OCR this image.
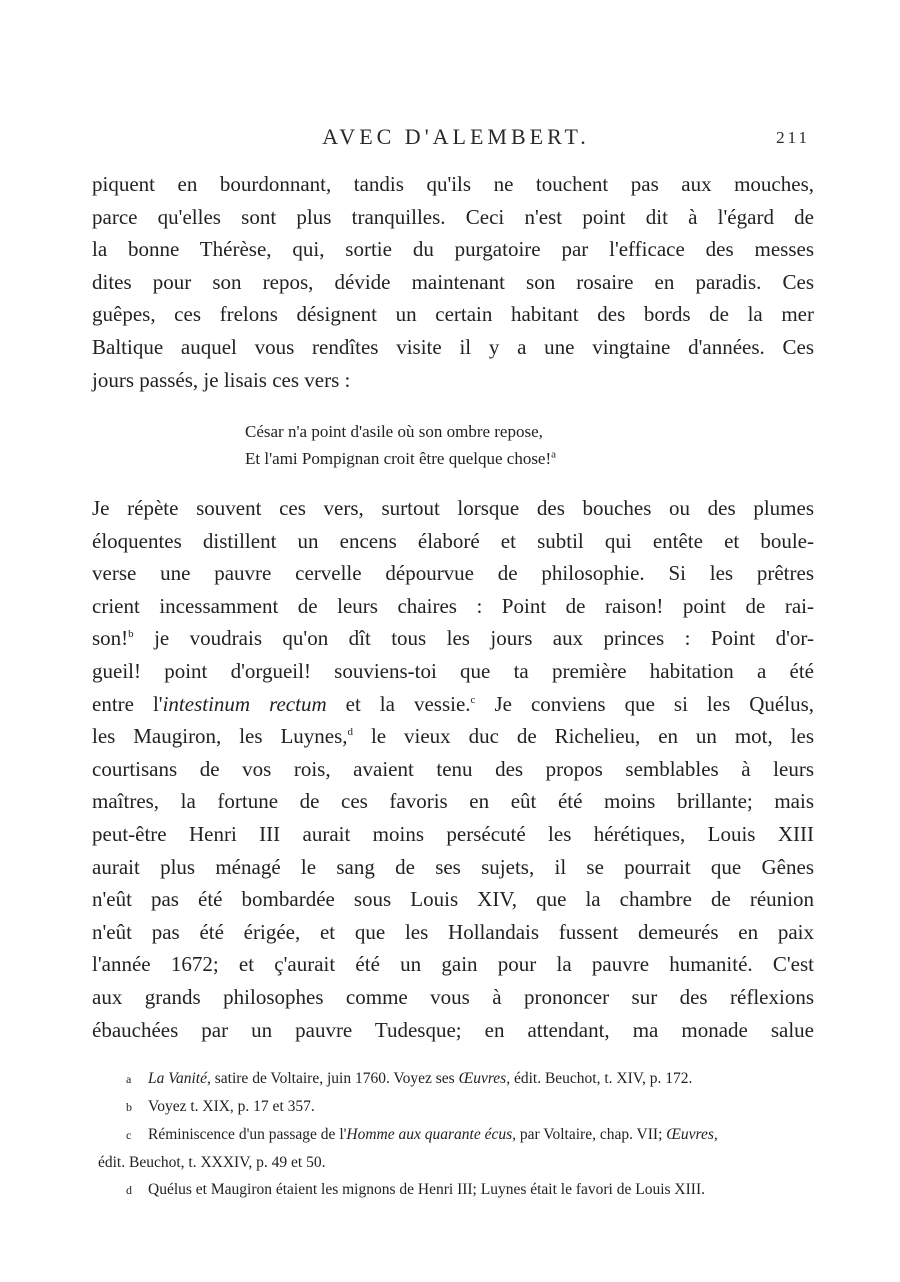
AVEC D'ALEMBERT.	211
piquent en bourdonnant, tandis qu'ils ne touchent pas aux mouches,
parce qu'elles sont plus tranquilles. Ceci n'est point dit à l'égard de
la bonne Thérèse, qui, sortie du purgatoire par l'efficace des messes
dites pour son repos, dévide maintenant son rosaire en paradis. Ces
guêpes, ces frelons désignent un certain habitant des bords de la mer
Baltique auquel vous rendîtes visite il y a une vingtaine d'années. Ces
jours passés, je lisais ces vers :
César n'a point d'asile où son ombre repose,
Et l'ami Pompignan croit être quelque chose!$^a$
Je répète souvent ces vers, surtout lorsque des bouches ou des plumes
éloquentes distillent un encens élaboré et subtil qui entête et boule-
verse une pauvre cervelle dépourvue de philosophie. Si les prêtres
crient incessamment de leurs chaires : Point de raison! point de rai-
son!$^b$ je voudrais qu'on dît tous les jours aux princes : Point d'or-
gueil! point d'orgueil! souviens-toi que ta première habitation a été
entre l'intestinum rectum et la vessie.$^c$ Je conviens que si les Quélus,
les Maugiron, les Luynes,$^d$ le vieux duc de Richelieu, en un mot, les
courtisans de vos rois, avaient tenu des propos semblables à leurs
maîtres, la fortune de ces favoris en eût été moins brillante; mais
peut-être Henri III aurait moins persécuté les hérétiques, Louis XIII
aurait plus ménagé le sang de ses sujets, il se pourrait que Gênes
n'eût pas été bombardée sous Louis XIV, que la chambre de réunion
n'eût pas été érigée, et que les Hollandais fussent demeurés en paix
l'année 1672; et ç'aurait été un gain pour la pauvre humanité. C'est
aux grands philosophes comme vous à prononcer sur des réflexions
ébauchées par un pauvre Tudesque; en attendant, ma monade salue
a La Vanité, satire de Voltaire, juin 1760. Voyez ses Œuvres, édit. Beuchot, t. XIV, p. 172.
b Voyez t. XIX, p. 17 et 357.
c Réminiscence d'un passage de l'Homme aux quarante écus, par Voltaire, chap. VII; Œuvres,
édit. Beuchot, t. XXXIV, p. 49 et 50.
d Quélus et Maugiron étaient les mignons de Henri III; Luynes était le favori de Louis XIII.
